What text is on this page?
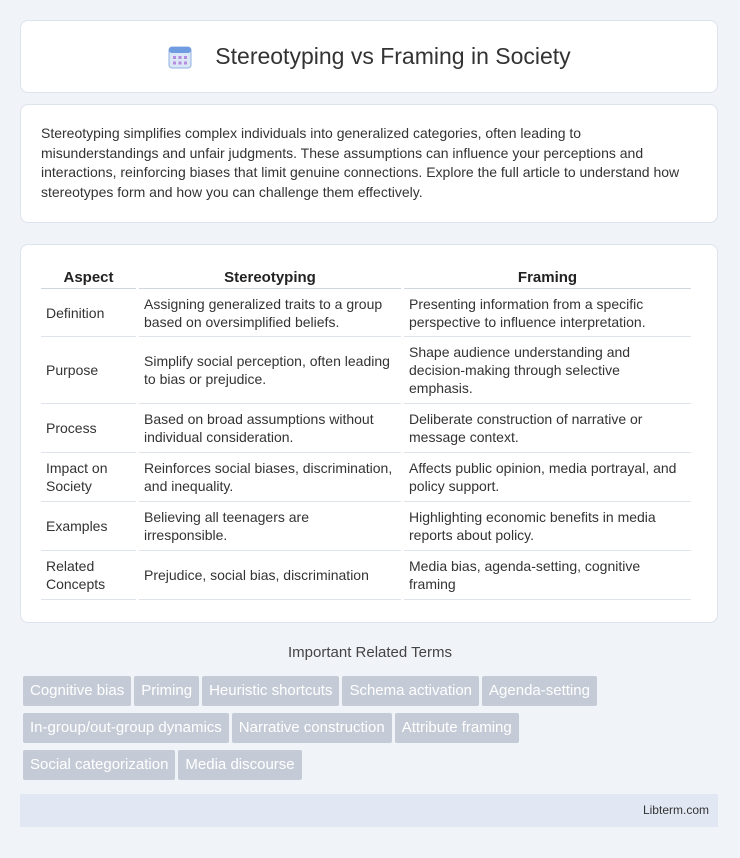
Stereotyping vs Framing in Society

Stereotyping simplifies complex individuals into generalized categories, often leading to misunderstandings and unfair judgments. These assumptions can influence your perceptions and interactions, reinforcing biases that limit genuine connections. Explore the full article to understand how stereotypes form and how you can challenge them effectively.

Aspect	Stereotyping	Framing
Definition	Assigning generalized traits to a group based on oversimplified beliefs.	Presenting information from a specific perspective to influence interpretation.
Purpose	Simplify social perception, often leading to bias or prejudice.	Shape audience understanding and decision-making through selective emphasis.
Process	Based on broad assumptions without individual consideration.	Deliberate construction of narrative or message context.
Impact on Society	Reinforces social biases, discrimination, and inequality.	Affects public opinion, media portrayal, and policy support.
Examples	Believing all teenagers are irresponsible.	Highlighting economic benefits in media reports about policy.
Related Concepts	Prejudice, social bias, discrimination	Media bias, agenda-setting, cognitive framing
Important Related Terms
Cognitive bias Priming Heuristic shortcuts Schema activation Agenda-setting
In-group/out-group dynamics Narrative construction Attribute framing
Social categorization Media discourse
Libterm.com
